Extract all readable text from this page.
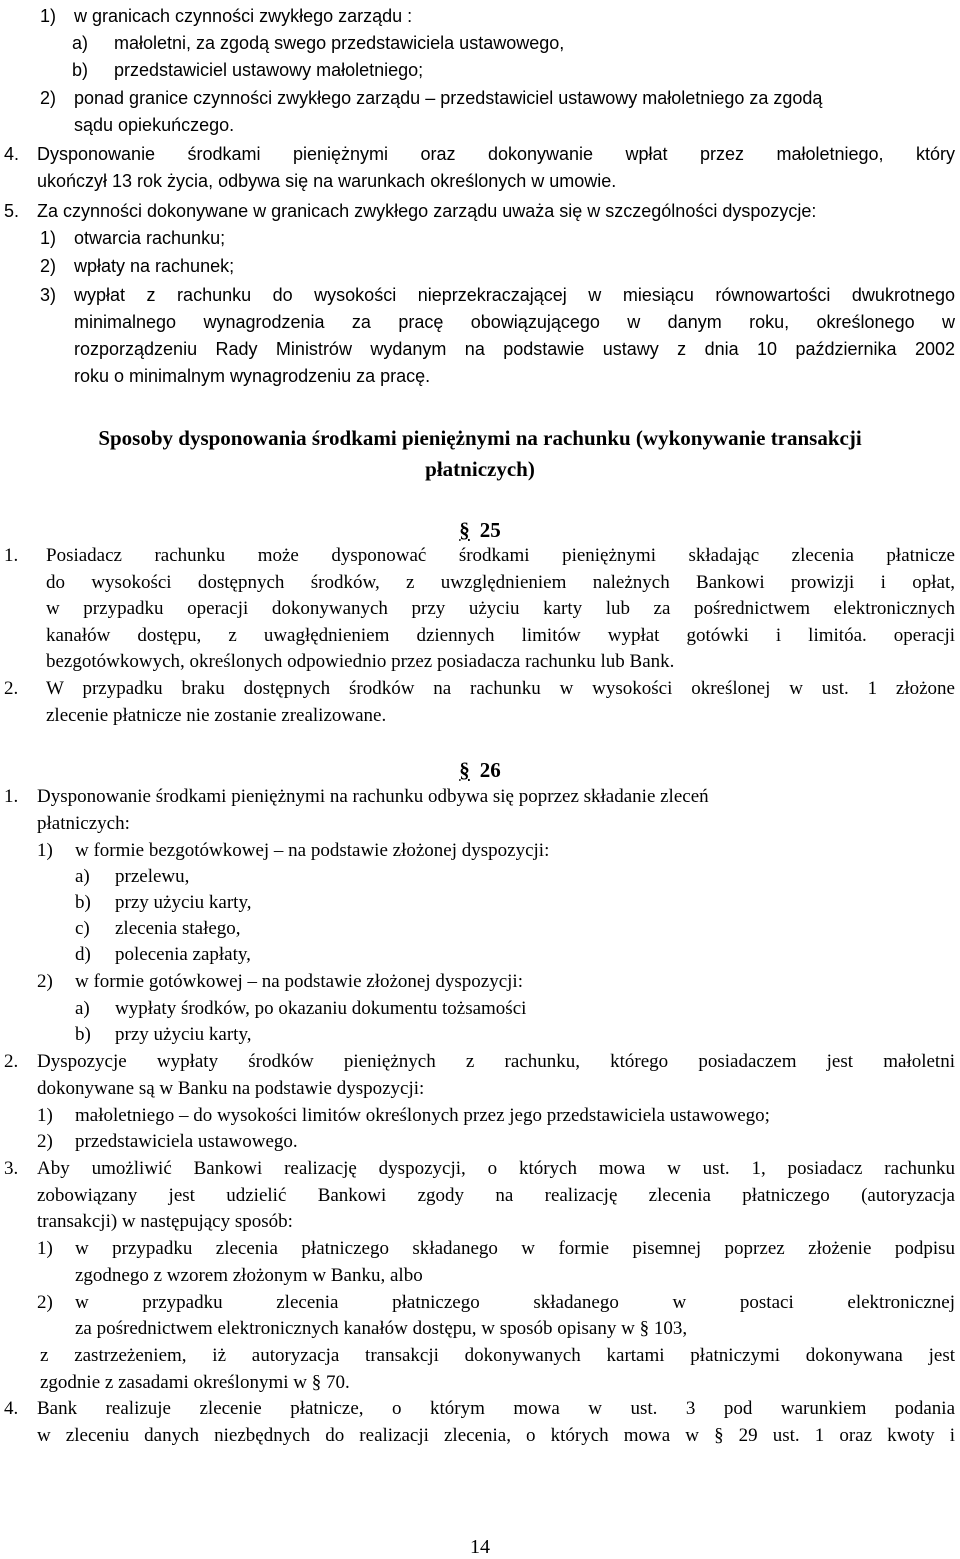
1) w granicach czynności zwykłego zarządu :
a) małoletni, za zgodą swego przedstawiciela ustawowego,
b) przedstawiciel ustawowy małoletniego;
2) ponad granice czynności zwykłego zarządu – przedstawiciel ustawowy małoletniego za zgodą
sądu opiekuńczego.
4. Dysponowanie środkami pieniężnymi oraz dokonywanie wpłat przez małoletniego, który
ukończył 13 rok życia, odbywa się na warunkach określonych w umowie.
5. Za czynności dokonywane w granicach zwykłego zarządu uważa się w szczególności dyspozycje:
1) otwarcia rachunku;
2) wpłaty na rachunek;
3) wypłat z rachunku do wysokości nieprzekraczającej w miesiącu równowartości dwukrotnego
minimalnego wynagrodzenia za pracę obowiązującego w danym roku, określonego w
rozporządzeniu Rady Ministrów wydanym na podstawie ustawy z dnia 10 października 2002
roku o minimalnym wynagrodzeniu za pracę.
Sposoby dysponowania środkami pieniężnymi na rachunku (wykonywanie transakcji
płatniczych)
§ 25
1.	Posiadacz rachunku może dysponować środkami pieniężnymi składając zlecenia płatnicze
do wysokości dostępnych środków, z uwzględnieniem należnych Bankowi prowizji i opłat,
w przypadku operacji dokonywanych przy użyciu karty lub za pośrednictwem elektronicznych
kanałów dostępu, z uwagłędnieniem dziennych limitów wypłat gotówki i limitóa. operacji
bezgotówkowych, określonych odpowiednio przez posiadacza rachunku lub Bank.
2.	W przypadku braku dostępnych środków na rachunku w wysokości określonej w ust. 1 złożone
zlecenie płatnicze nie zostanie zrealizowane.
§ 26
1. Dysponowanie środkami pieniężnymi na rachunku odbywa się poprzez składanie zleceń
płatniczych:
1) w formie bezgotówkowej – na podstawie złożonej dyspozycji:
a) przelewu,
b) przy użyciu karty,
c) zlecenia stałego,
d) polecenia zapłaty,
2) w formie gotówkowej – na podstawie złożonej dyspozycji:
a) wypłaty środków, po okazaniu dokumentu tożsamości
b) przy użyciu karty,
2. Dyspozycje wypłaty środków pieniężnych z rachunku, którego posiadaczem jest małoletni
dokonywane są w Banku na podstawie dyspozycji:
1) małoletniego – do wysokości limitów określonych przez jego przedstawiciela ustawowego;
2) przedstawiciela ustawowego.
3. Aby umożliwić Bankowi realizację dyspozycji, o których mowa w ust. 1, posiadacz rachunku
zobowiązany jest udzielić Bankowi zgody na realizację zlecenia płatniczego (autoryzacja
transakcji) w następujący sposób:
1)	w przypadku zlecenia płatniczego składanego w formie pisemnej poprzez złożenie podpisu
zgodnego z wzorem złożonym w Banku, albo
2)	w przypadku zlecenia płatniczego składanego w postaci elektronicznej
za pośrednictwem elektronicznych kanałów dostępu, w sposób opisany w § 103,
z zastrzeżeniem, iż autoryzacja transakcji dokonywanych kartami płatniczymi dokonywana jest
zgodnie z zasadami określonymi w § 70.
4. Bank realizuje zlecenie płatnicze, o którym mowa w ust. 3 pod warunkiem podania
w zleceniu danych niezbędnych do realizacji zlecenia, o których mowa w § 29 ust. 1 oraz kwoty i
14
